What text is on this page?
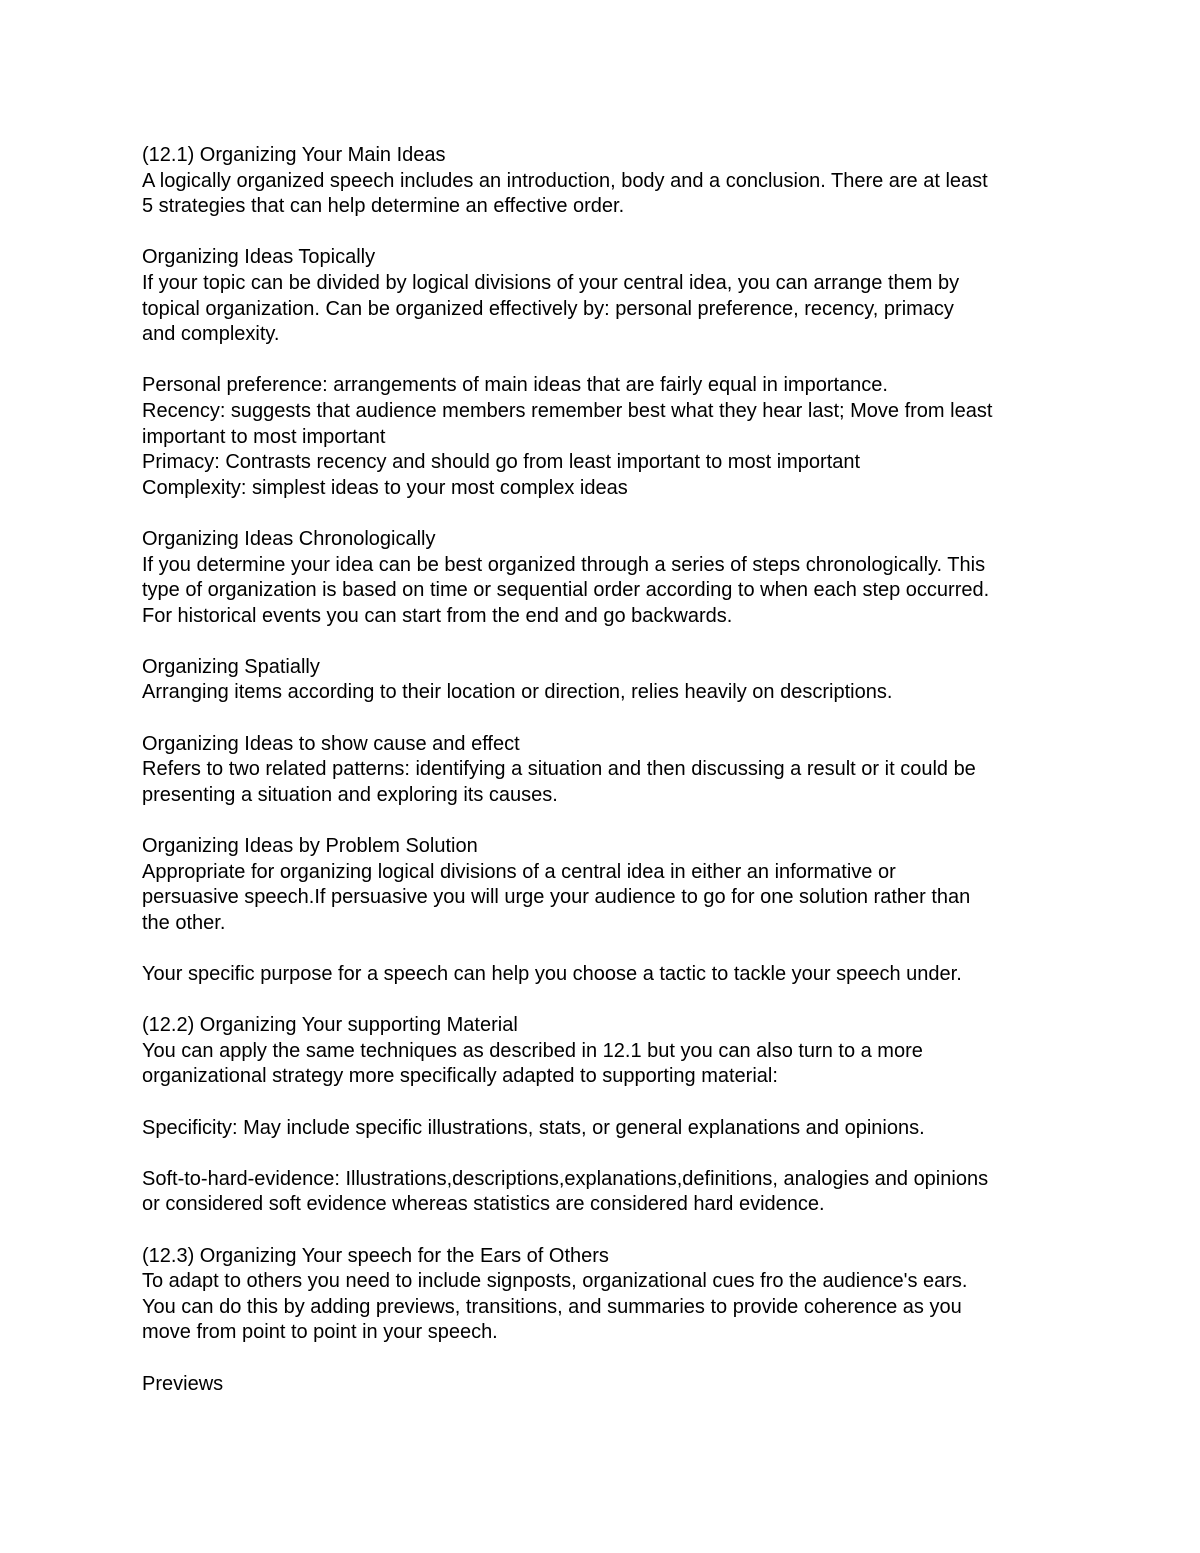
(12.1) Organizing Your Main Ideas
A logically organized speech includes an introduction, body and a conclusion. There are at least
5 strategies that can help determine an effective order.
Organizing Ideas Topically
If your topic can be divided by logical divisions of your central idea, you can arrange them by
topical organization. Can be organized effectively by: personal preference, recency, primacy
and complexity.
Personal preference: arrangements of main ideas that are fairly equal in importance.
Recency: suggests that audience members remember best what they hear last; Move from least
important to most important
Primacy: Contrasts recency and should go from least important to most important
Complexity: simplest ideas to your most complex ideas
Organizing Ideas Chronologically
If you determine your idea can be best organized through a series of steps chronologically. This
type of organization is based on time or sequential order according to when each step occurred.
For historical events you can start from the end and go backwards.
Organizing Spatially
Arranging items according to their location or direction, relies heavily on descriptions.
Organizing Ideas to show cause and effect
Refers to two related patterns: identifying a situation and then discussing a result or it could be
presenting a situation and exploring its causes.
Organizing Ideas by Problem Solution
Appropriate for organizing logical divisions of a central idea in either an informative or
persuasive speech.If persuasive you will urge your audience to go for one solution rather than
the other.
Your specific purpose for a speech can help you choose a tactic to tackle your speech under.
(12.2) Organizing Your supporting Material
You can apply the same techniques as described in 12.1 but you can also turn to a more
organizational strategy more specifically adapted to supporting material:
Specificity: May include specific illustrations, stats, or general explanations and opinions.
Soft-to-hard-evidence: Illustrations,descriptions,explanations,definitions, analogies and opinions
or considered soft evidence whereas statistics are considered hard evidence.
(12.3) Organizing Your speech for the Ears of Others
To adapt to others you need to include signposts, organizational cues fro the audience's ears.
You can do this by adding previews, transitions, and summaries to provide coherence as you
move from point to point in your speech.
Previews
